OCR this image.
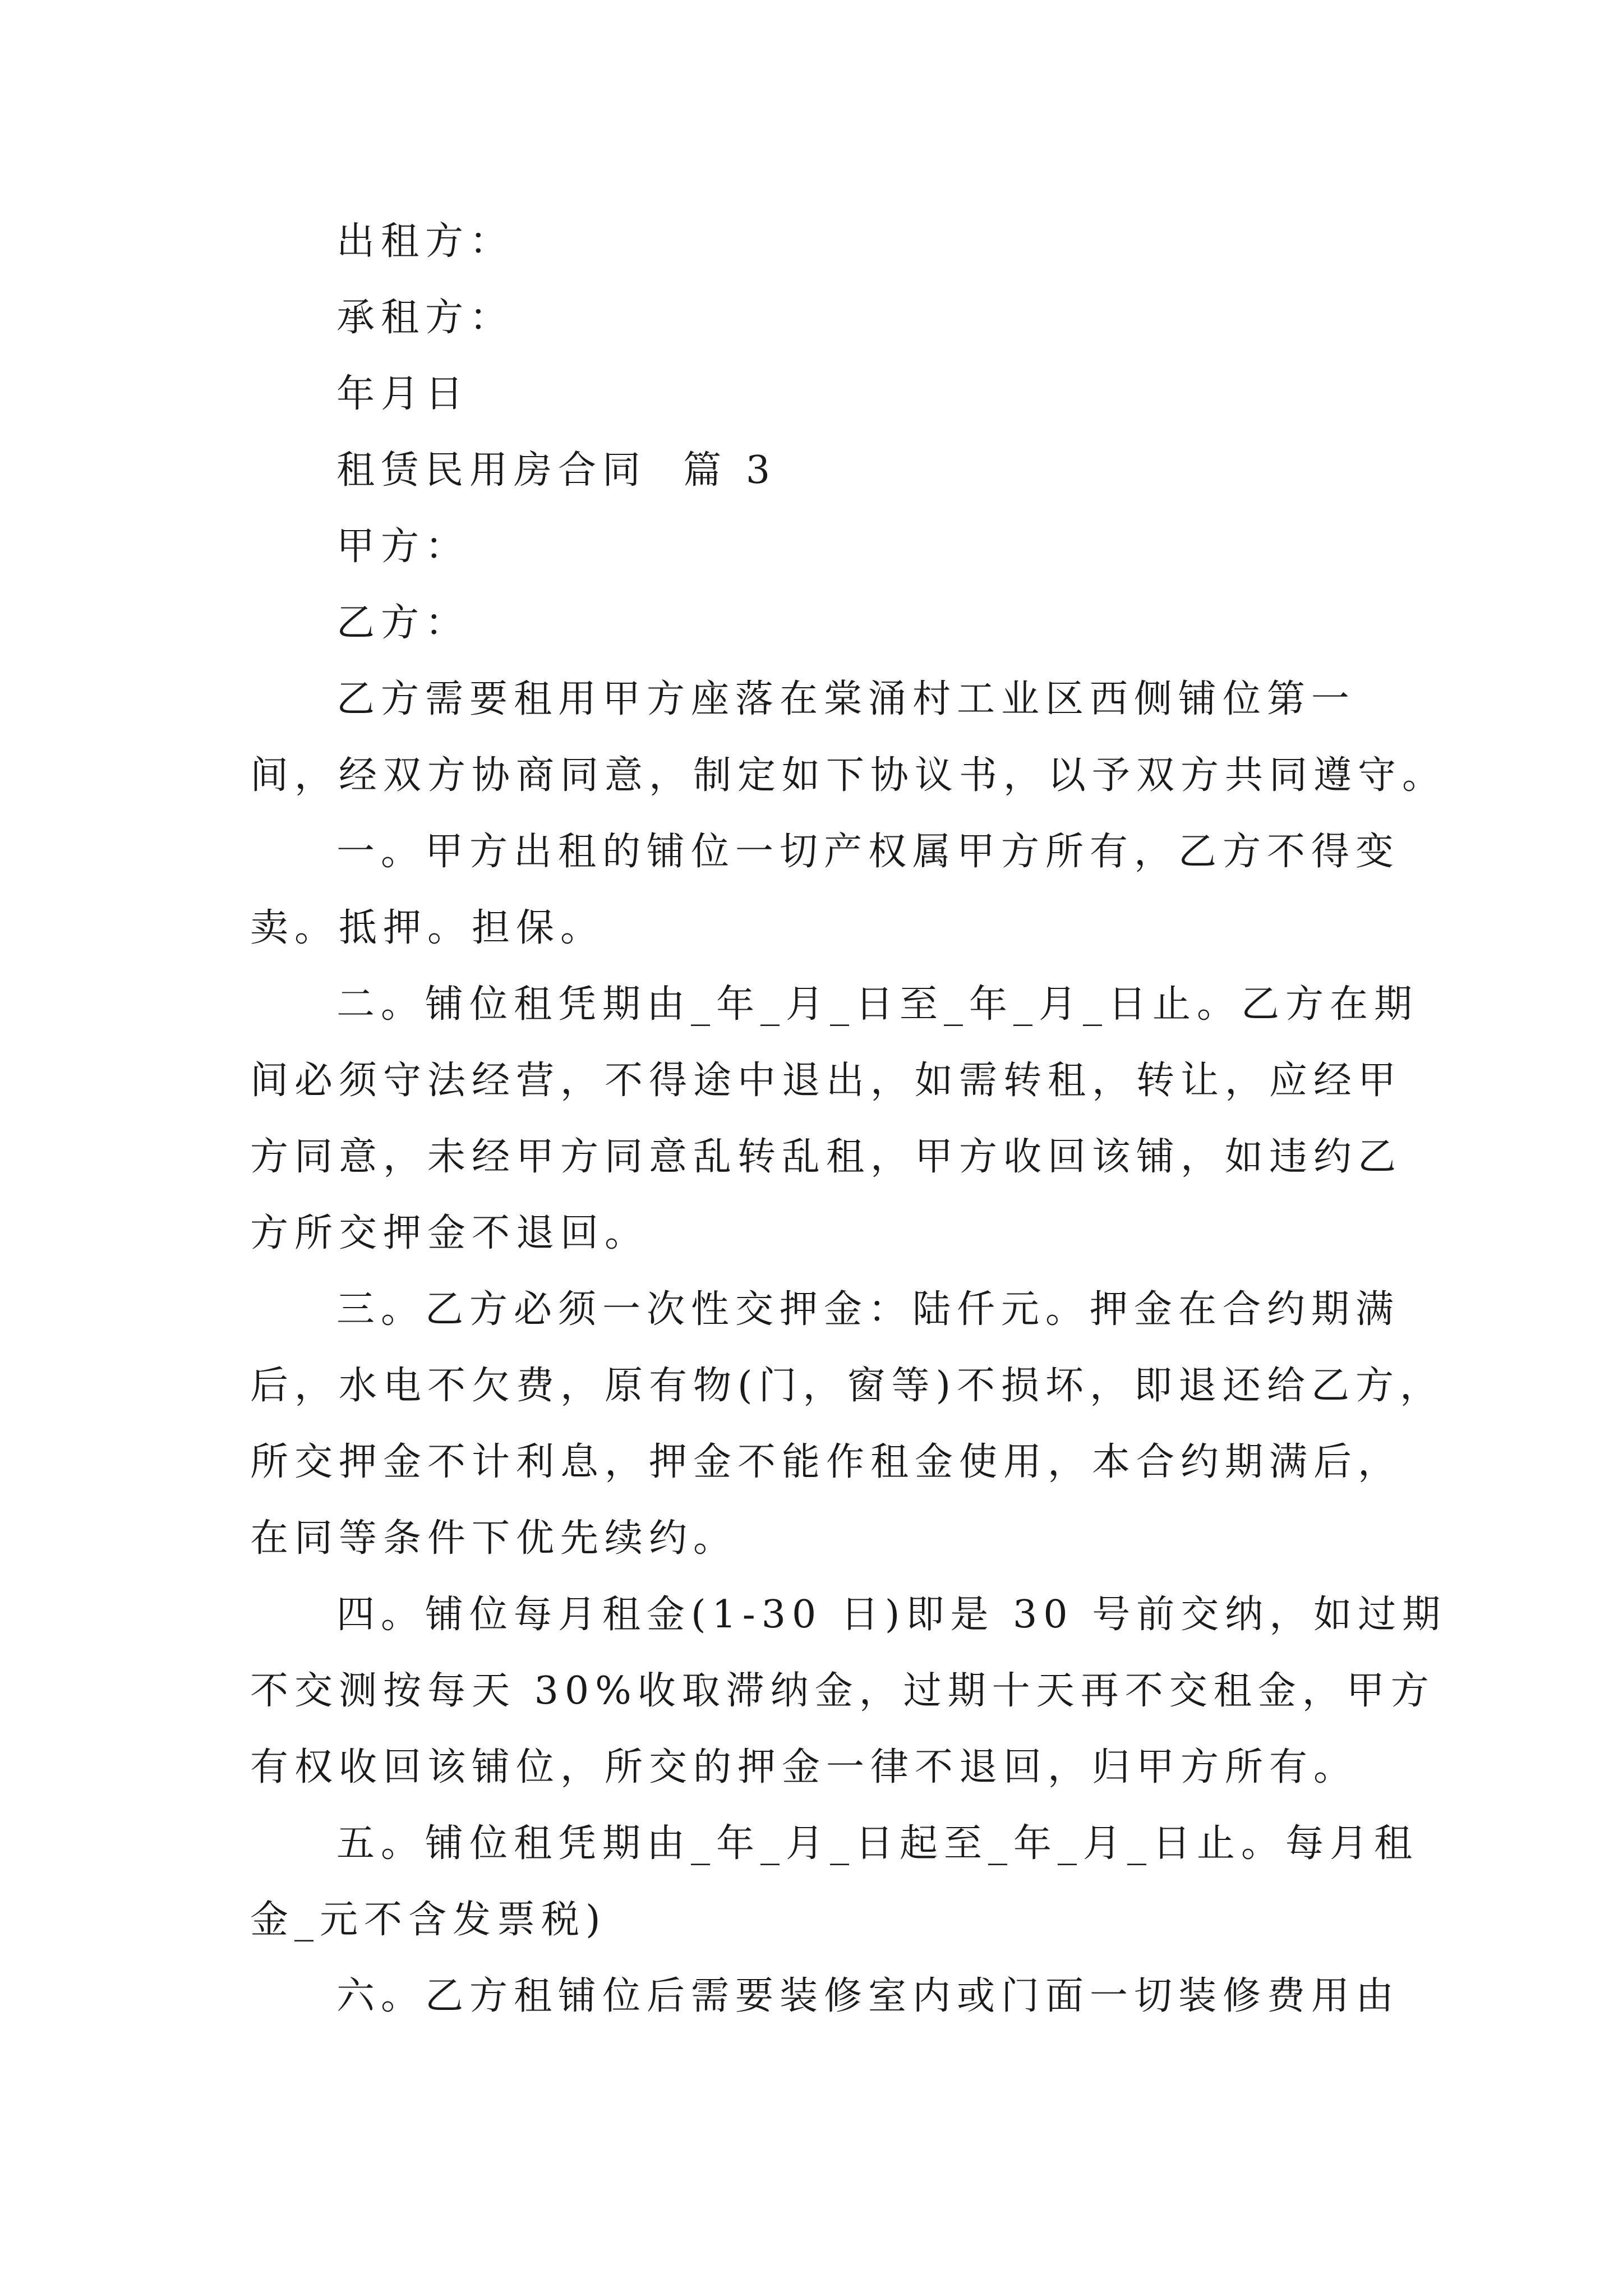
出租方：
承租方：
年月日
租赁民用房合同  篇 3
甲方：
乙方：
乙方需要租用甲方座落在棠涌村工业区西侧铺位第一
间，经双方协商同意，制定如下协议书，以予双方共同遵守。
一。甲方出租的铺位一切产权属甲方所有，乙方不得变
卖。抵押。担保。
二。铺位租凭期由_年_月_日至_年_月_日止。乙方在期
间必须守法经营，不得途中退出，如需转租，转让，应经甲
方同意，未经甲方同意乱转乱租，甲方收回该铺，如违约乙
方所交押金不退回。
三。乙方必须一次性交押金：陆仟元。押金在合约期满
后，水电不欠费，原有物(门，窗等)不损坏，即退还给乙方，
所交押金不计利息，押金不能作租金使用，本合约期满后，
在同等条件下优先续约。
四。铺位每月租金(1-30 日)即是 30 号前交纳，如过期
不交测按每天 30%收取滞纳金，过期十天再不交租金，甲方
有权收回该铺位，所交的押金一律不退回，归甲方所有。
五。铺位租凭期由_年_月_日起至_年_月_日止。每月租
金_元不含发票税)
六。乙方租铺位后需要装修室内或门面一切装修费用由
